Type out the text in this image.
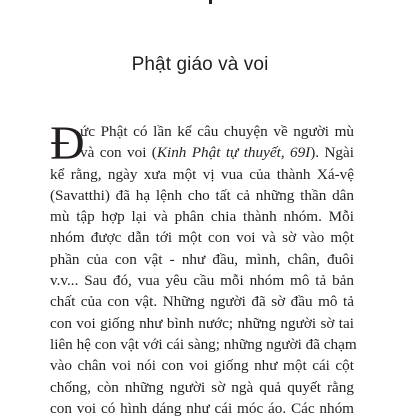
Phật giáo và voi
Đ
ức Phật có lần kể câu chuyện về người mù
và con voi (Kinh Phật tự thuyết, 69I). Ngài
kể rằng, ngày xưa một vị vua của thành Xá-vệ
(Savatthi) đã hạ lệnh cho tất cả những thần dân
mù tập hợp lại và phân chia thành nhóm. Mỗi
nhóm được dẫn tới một con voi và sờ vào một
phần của con vật - như đầu, mình, chân, đuôi
v.v... Sau đó, vua yêu cầu mỗi nhóm mô tả bản
chất của con vật. Những người đã sờ đầu mô tả
con voi giống như bình nước; những người sờ tai
liên hệ con vật với cái sàng; những người đã chạm
vào chân voi nói con voi giống như một cái cột
chống, còn những người sờ ngà quả quyết rằng
con voi có hình dáng như cái móc áo. Các nhóm
